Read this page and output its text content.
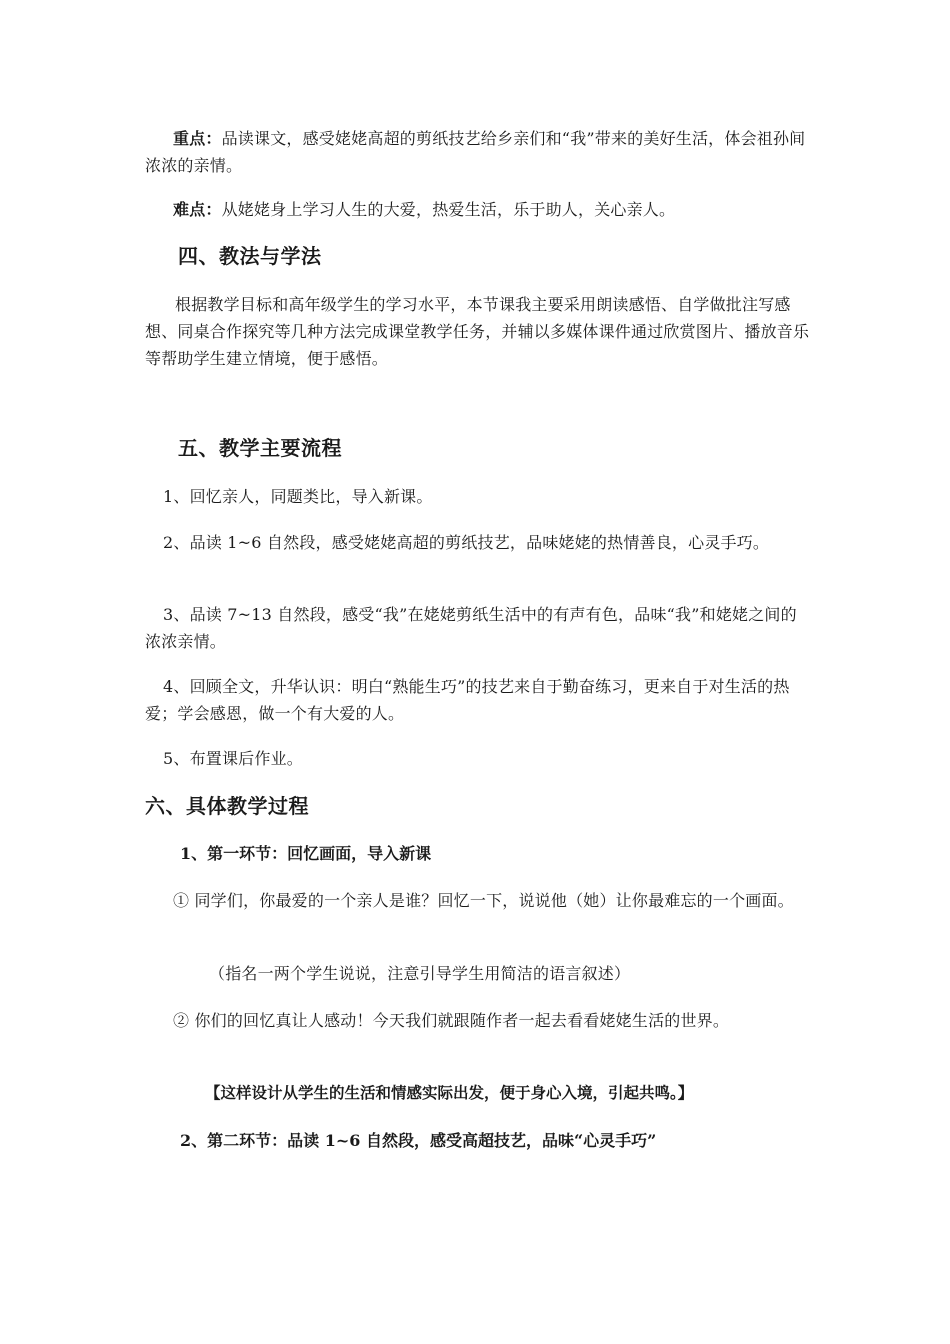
重点：品读课文，感受姥姥高超的剪纸技艺给乡亲们和“我”带来的美好生活，体会祖孙间浓浓的亲情。
难点：从姥姥身上学习人生的大爱，热爱生活，乐于助人，关心亲人。
四、教法与学法
根据教学目标和高年级学生的学习水平，本节课我主要采用朗读感悟、自学做批注写感想、同桌合作探究等几种方法完成课堂教学任务，并辅以多媒体课件通过欣赏图片、播放音乐等帮助学生建立情境，便于感悟。
五、教学主要流程
1、回忆亲人，同题类比，导入新课。
2、品读 1~6 自然段，感受姥姥高超的剪纸技艺，品味姥姥的热情善良，心灵手巧。
3、品读 7~13 自然段，感受“我”在姥姥剪纸生活中的有声有色，品味“我”和姥姥之间的浓浓亲情。
4、回顾全文，升华认识：明白“熟能生巧”的技艺来自于勤奋练习，更来自于对生活的热爱；学会感恩，做一个有大爱的人。
5、布置课后作业。
六、具体教学过程
1、第一环节：回忆画面，导入新课
① 同学们，你最爱的一个亲人是谁？回忆一下，说说他（她）让你最难忘的一个画面。
（指名一两个学生说说，注意引导学生用简洁的语言叙述）
② 你们的回忆真让人感动！今天我们就跟随作者一起去看看姥姥生活的世界。
【这样设计从学生的生活和情感实际出发，便于身心入境，引起共鸣。】
2、第二环节：品读 1~6 自然段，感受高超技艺，品味“心灵手巧”
